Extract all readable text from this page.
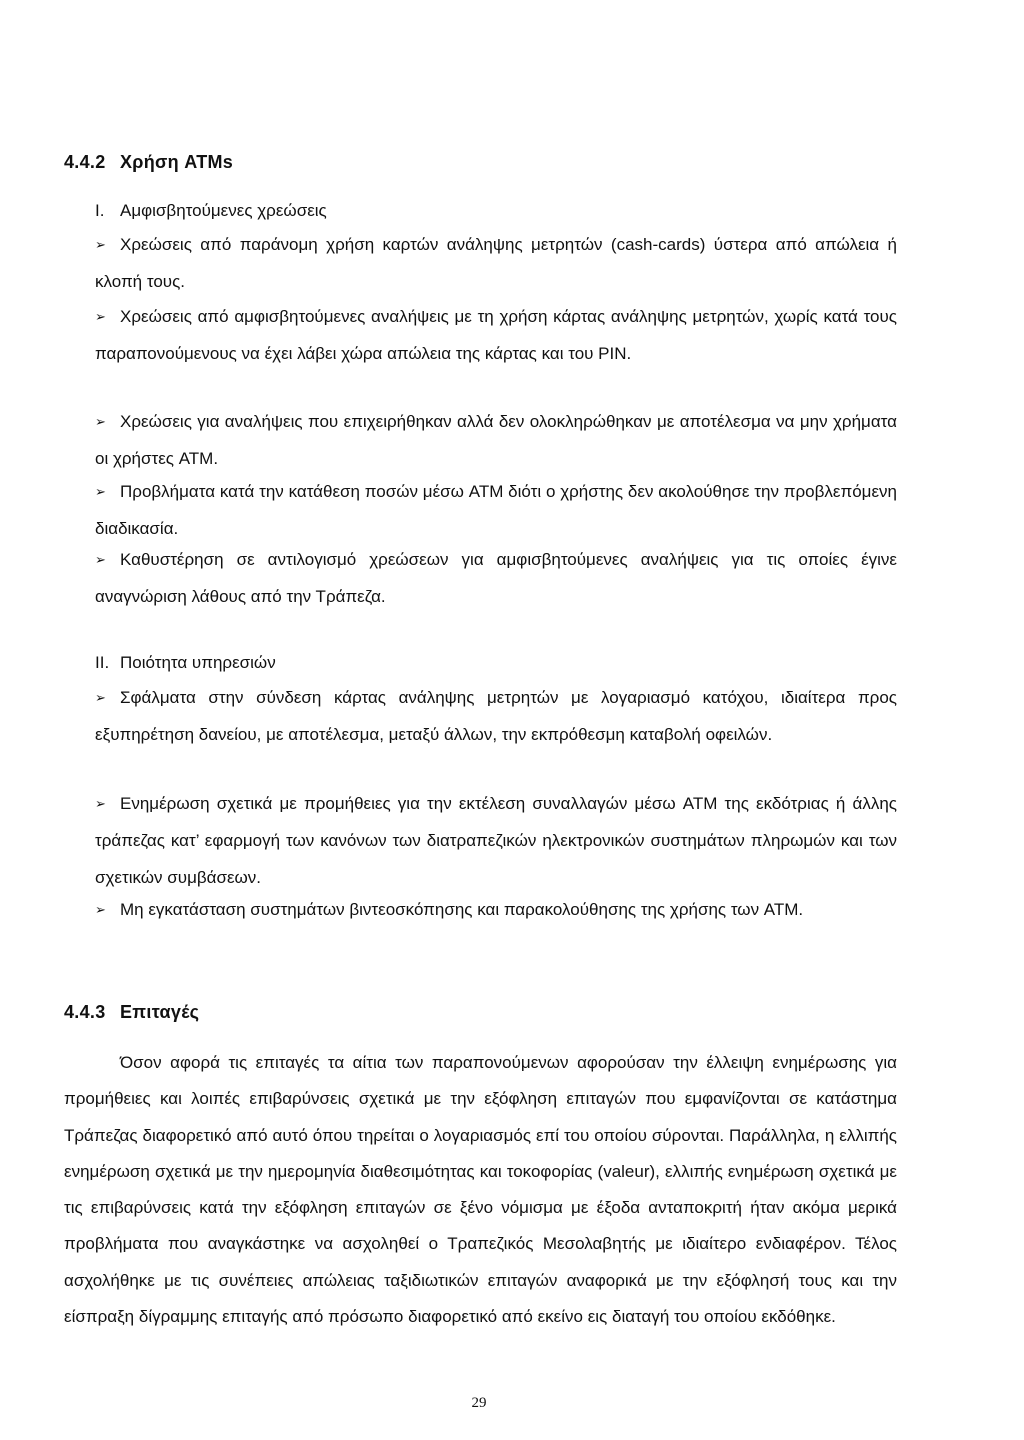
4.4.2 Χρήση ATMs
I. Αμφισβητούμενες χρεώσεις
➢ Χρεώσεις από παράνομη χρήση καρτών ανάληψης μετρητών (cash-cards) ύστερα από απώλεια ή κλοπή τους.
➢ Χρεώσεις από αμφισβητούμενες αναλήψεις με τη χρήση κάρτας ανάληψης μετρητών, χωρίς κατά τους παραπονούμενους να έχει λάβει χώρα απώλεια της κάρτας και του PIN.
➢ Χρεώσεις για αναλήψεις που επιχειρήθηκαν αλλά δεν ολοκληρώθηκαν με αποτέλεσμα να μην χρήματα οι χρήστες ATM.
➢ Προβλήματα κατά την κατάθεση ποσών μέσω ATM διότι ο χρήστης δεν ακολούθησε την προβλεπόμενη διαδικασία.
➢ Καθυστέρηση σε αντιλογισμό χρεώσεων για αμφισβητούμενες αναλήψεις για τις οποίες έγινε αναγνώριση λάθους από την Τράπεζα.
II. Ποιότητα υπηρεσιών
➢ Σφάλματα στην σύνδεση κάρτας ανάληψης μετρητών με λογαριασμό κατόχου, ιδιαίτερα προς εξυπηρέτηση δανείου, με αποτέλεσμα, μεταξύ άλλων, την εκπρόθεσμη καταβολή οφειλών.
➢ Ενημέρωση σχετικά με προμήθειες για την εκτέλεση συναλλαγών μέσω ATM της εκδότριας ή άλλης τράπεζας κατ’ εφαρμογή των κανόνων των διατραπεζικών ηλεκτρονικών συστημάτων πληρωμών και των σχετικών συμβάσεων.
➢ Μη εγκατάσταση συστημάτων βιντεοσκόπησης και παρακολούθησης της χρήσης των ATM.
4.4.3 Επιταγές
Όσον αφορά τις επιταγές τα αίτια των παραπονούμενων αφορούσαν την έλλειψη ενημέρωσης για προμήθειες και λοιπές επιβαρύνσεις σχετικά με την εξόφληση επιταγών που εμφανίζονται σε κατάστημα Τράπεζας διαφορετικό από αυτό όπου τηρείται ο λογαριασμός επί του οποίου σύρονται. Παράλληλα, η ελλιπής ενημέρωση σχετικά με την ημερομηνία διαθεσιμότητας και τοκοφορίας (valeur), ελλιπής ενημέρωση σχετικά με τις επιβαρύνσεις κατά την εξόφληση επιταγών σε ξένο νόμισμα με έξοδα ανταποκριτή ήταν ακόμα μερικά προβλήματα που αναγκάστηκε να ασχοληθεί ο Τραπεζικός Μεσολαβητής με ιδιαίτερο ενδιαφέρον. Τέλος ασχολήθηκε με τις συνέπειες απώλειας ταξιδιωτικών επιταγών αναφορικά με την εξόφλησή τους και την είσπραξη δίγραμμης επιταγής από πρόσωπο διαφορετικό από εκείνο εις διαταγή του οποίου εκδόθηκε.
29
